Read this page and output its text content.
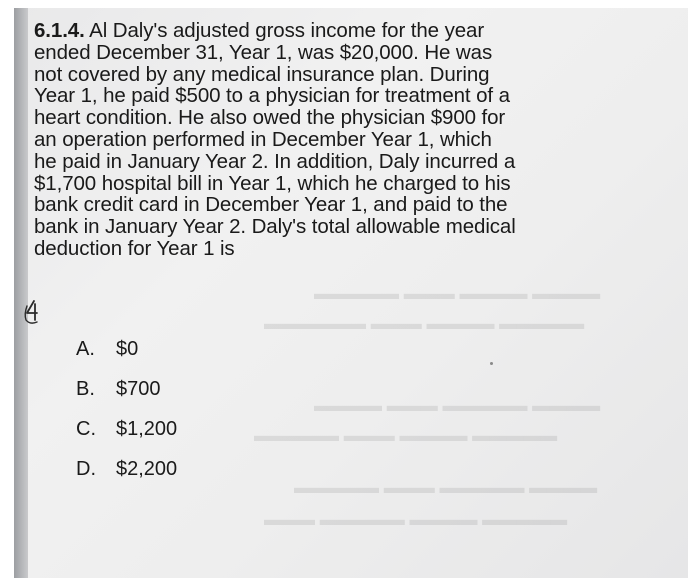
▬▬▬▬ ▬▬▬▬ ▬▬▬ ▬▬▬▬▬
▬▬▬▬▬ ▬▬▬▬ ▬▬▬ ▬▬▬▬▬▬
▬▬▬▬ ▬▬▬▬▬ ▬▬▬ ▬▬▬▬
▬▬▬▬▬ ▬▬▬▬ ▬▬▬ ▬▬▬▬▬
▬▬▬▬ ▬▬▬▬▬ ▬▬▬ ▬▬▬▬▬
▬▬▬▬▬ ▬▬▬▬ ▬▬▬▬▬ ▬▬▬
6.1.4. Al Daly's adjusted gross income for the year
ended December 31, Year 1, was $20,000. He was
not covered by any medical insurance plan. During
Year 1, he paid $500 to a physician for treatment of a
heart condition. He also owed the physician $900 for
an operation performed in December Year 1, which
he paid in January Year 2. In addition, Daly incurred a
$1,700 hospital bill in Year 1, which he charged to his
bank credit card in December Year 1, and paid to the
bank in January Year 2. Daly's total allowable medical
deduction for Year 1 is
A.	$0
B.	$700
C.	$1,200
D.	$2,200
